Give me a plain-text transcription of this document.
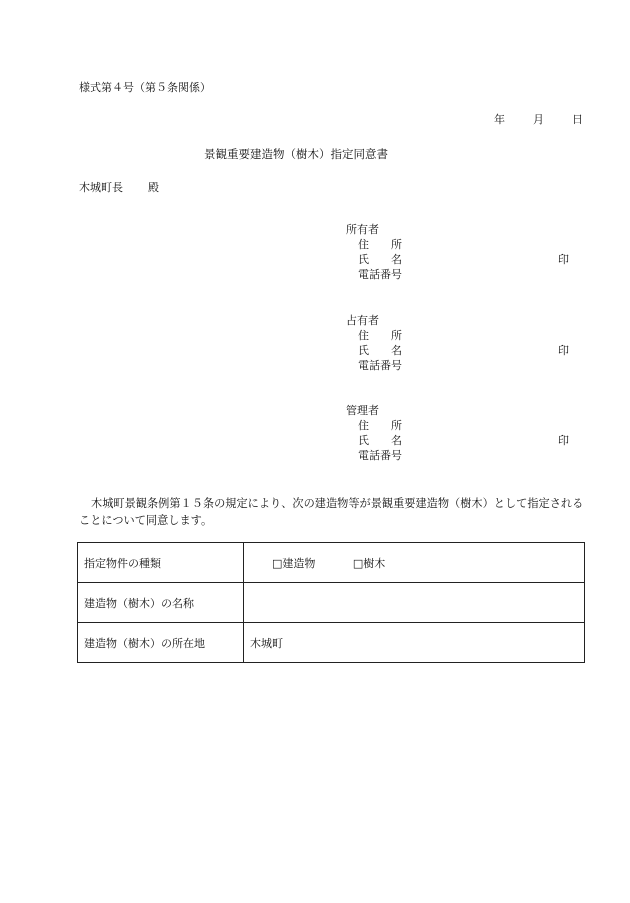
様式第４号（第５条関係）
年	月	日
景観重要建造物（樹木）指定同意書
木城町長 殿
所有者
住　　所
氏　　名	印
電話番号
占有者
住　　所
氏　　名	印
電話番号
管理者
住　　所
氏　　名	印
電話番号
木城町景観条例第１５条の規定により、次の建造物等が景観重要建造物（樹木）として指定されることについて同意します。
指定物件の種類	□建造物 □樹木
建造物（樹木）の名称	
建造物（樹木）の所在地	木城町
